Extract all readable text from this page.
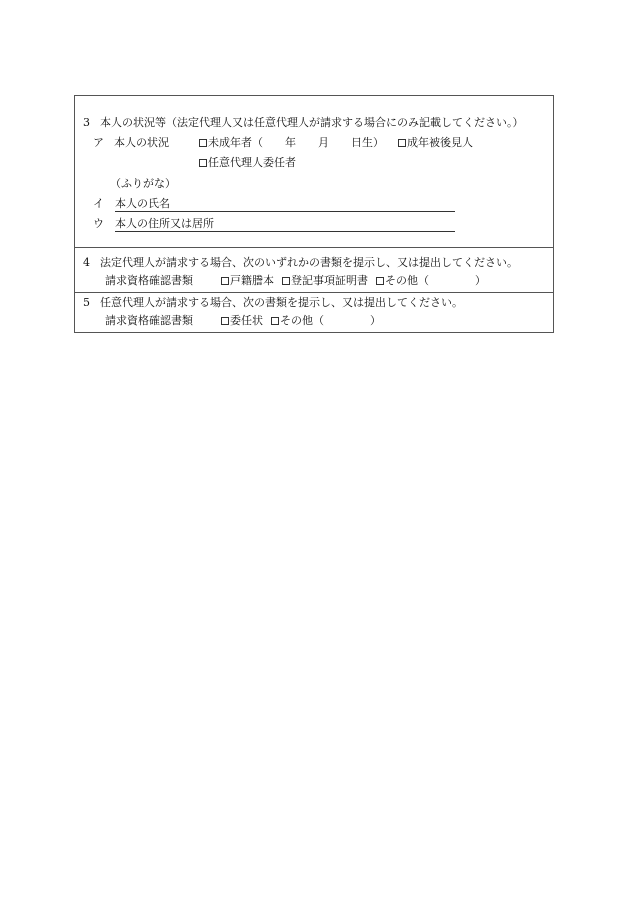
3 本人の状況等（法定代理人又は任意代理人が請求する場合にのみ記載してください。）
ア 本人の状況	未成年者（ 年 月 日生） 成年被後見人
任意代理人委任者
（ふりがな）
イ 本人の氏名
ウ 本人の住所又は居所
4 法定代理人が請求する場合、次のいずれかの書類を提示し、又は提出してください。
請求資格確認書類	戸籍謄本 登記事項証明書 その他（	）
5 任意代理人が請求する場合、次の書類を提示し、又は提出してください。
請求資格確認書類	委任状 その他（	）
